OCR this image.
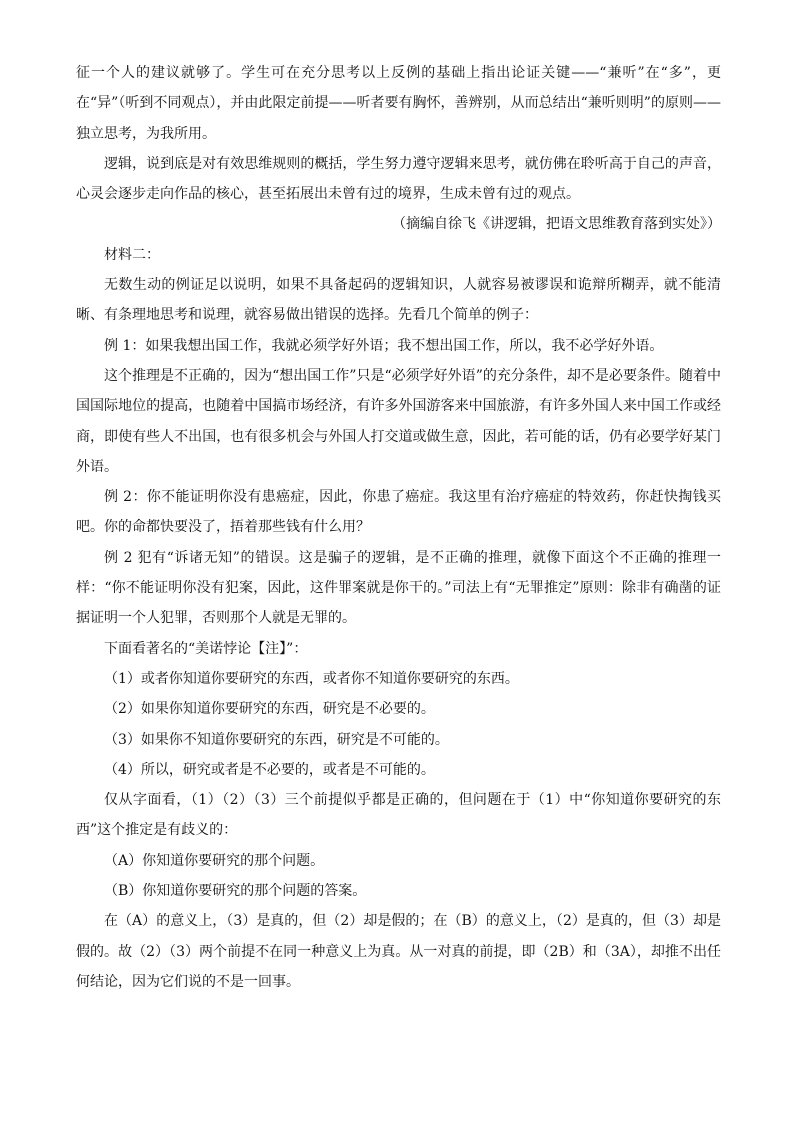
征一个人的建议就够了。学生可在充分思考以上反例的基础上指出论证关键——“兼听”在“多”，更在“异”（听到不同观点），并由此限定前提——听者要有胸怀，善辨别，从而总结出“兼听则明”的原则——独立思考，为我所用。

逻辑，说到底是对有效思维规则的概括，学生努力遵守逻辑来思考，就仿佛在聆听高于自己的声音，心灵会逐步走向作品的核心，甚至拓展出未曾有过的境界，生成未曾有过的观点。

（摘编自徐飞《讲逻辑，把语文思维教育落到实处》）

材料二：

无数生动的例证足以说明，如果不具备起码的逻辑知识，人就容易被谬误和诡辩所糊弄，就不能清晰、有条理地思考和说理，就容易做出错误的选择。先看几个简单的例子：

例 1：如果我想出国工作，我就必须学好外语；我不想出国工作，所以，我不必学好外语。

这个推理是不正确的，因为“想出国工作”只是“必须学好外语”的充分条件，却不是必要条件。随着中国国际地位的提高，也随着中国搞市场经济，有许多外国游客来中国旅游，有许多外国人来中国工作或经商，即使有些人不出国，也有很多机会与外国人打交道或做生意，因此，若可能的话，仍有必要学好某门外语。

例 2：你不能证明你没有患癌症，因此，你患了癌症。我这里有治疗癌症的特效药，你赶快掏钱买吧。你的命都快要没了，捂着那些钱有什么用？

例 2 犯有“诉诸无知”的错误。这是骗子的逻辑，是不正确的推理，就像下面这个不正确的推理一样：“你不能证明你没有犯案，因此，这件罪案就是你干的。”司法上有“无罪推定”原则：除非有确凿的证据证明一个人犯罪，否则那个人就是无罪的。

下面看著名的“美诺悖论【注】”：

（1）或者你知道你要研究的东西，或者你不知道你要研究的东西。

（2）如果你知道你要研究的东西，研究是不必要的。

（3）如果你不知道你要研究的东西，研究是不可能的。

（4）所以，研究或者是不必要的，或者是不可能的。

仅从字面看，（1）（2）（3）三个前提似乎都是正确的，但问题在于（1）中“你知道你要研究的东西”这个推定是有歧义的：

（A）你知道你要研究的那个问题。

（B）你知道你要研究的那个问题的答案。

在（A）的意义上，（3）是真的，但（2）却是假的；在（B）的意义上，（2）是真的，但（3）却是假的。故（2）（3）两个前提不在同一种意义上为真。从一对真的前提，即（2B）和（3A），却推不出任何结论，因为它们说的不是一回事。
